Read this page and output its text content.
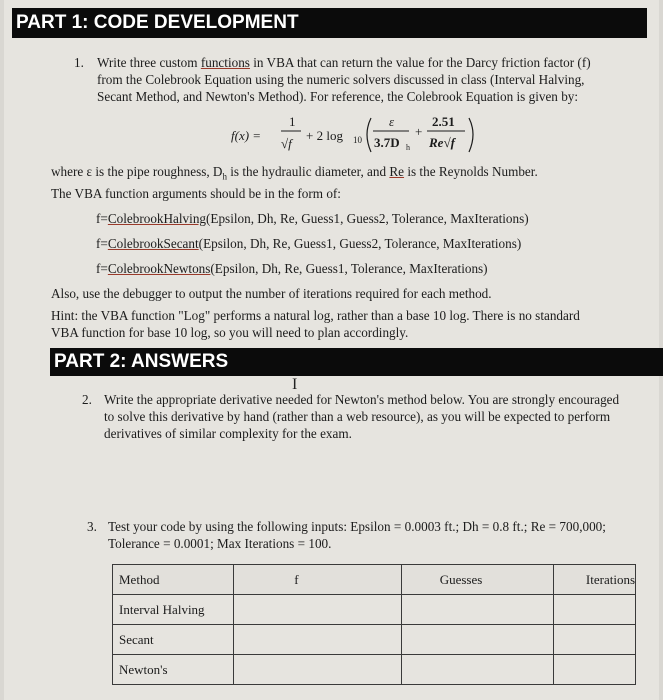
PART 1: CODE DEVELOPMENT
1. Write three custom functions in VBA that can return the value for the Darcy friction factor (f)
from the Colebrook Equation using the numeric solvers discussed in class (Interval Halving,
Secant Method, and Newton's Method). For reference, the Colebrook Equation is given by:
f(x) =
1
√f
+ 2 log 10
ε
3.7D h
+
2.51
Re√f
where ε is the pipe roughness, $D_h$ is the hydraulic diameter, and Re is the Reynolds Number.
The VBA function arguments should be in the form of:
f=ColebrookHalving(Epsilon, Dh, Re, Guess1, Guess2, Tolerance, MaxIterations)
f=ColebrookSecant(Epsilon, Dh, Re, Guess1, Guess2, Tolerance, MaxIterations)
f=ColebrookNewtons(Epsilon, Dh, Re, Guess1, Tolerance, MaxIterations)
Also, use the debugger to output the number of iterations required for each method.
Hint: the VBA function "Log" performs a natural log, rather than a base 10 log. There is no standard
VBA function for base 10 log, so you will need to plan accordingly.
PART 2: ANSWERS
I
2. Write the appropriate derivative needed for Newton's method below. You are strongly encouraged
to solve this derivative by hand (rather than a web resource), as you will be expected to perform
derivatives of similar complexity for the exam.
3. Test your code by using the following inputs: Epsilon = 0.0003 ft.; Dh = 0.8 ft.; Re = 700,000;
Tolerance = 0.0001; Max Iterations = 100.
Method	f	Guesses	Iterations
Interval Halving			
Secant			
Newton's			
